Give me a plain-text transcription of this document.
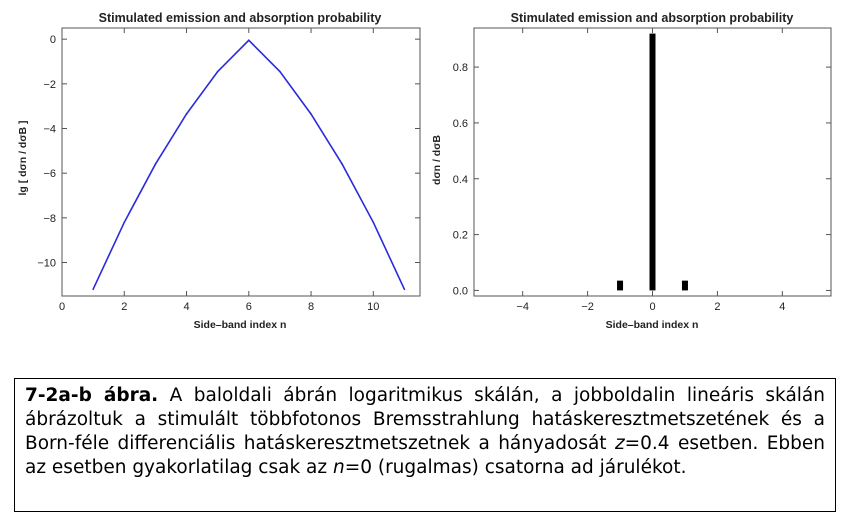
Stimulated emission and absorption probability
0
−2
−4
−6
−8
−10
0	2	4	6	8	10
Side–band index n
lg [ dσn / dσB ]
Stimulated emission and absorption probability
0.0
0.2
0.4
0.6
0.8
−4	−2	0	2	4
Side–band index n
dσn / dσB
7-2a-b ábra. A baloldali ábrán logaritmikus skálán, a jobboldalin lineáris skálán ábrázoltuk a stimulált többfotonos Bremsstrahlung hatáskeresztmetszetének és a Born-féle differenciális hatáskeresztmetszetnek a hányadosát z=0.4 esetben. Ebben az esetben gyakorlatilag csak az n=0 (rugalmas) csatorna ad járulékot.
